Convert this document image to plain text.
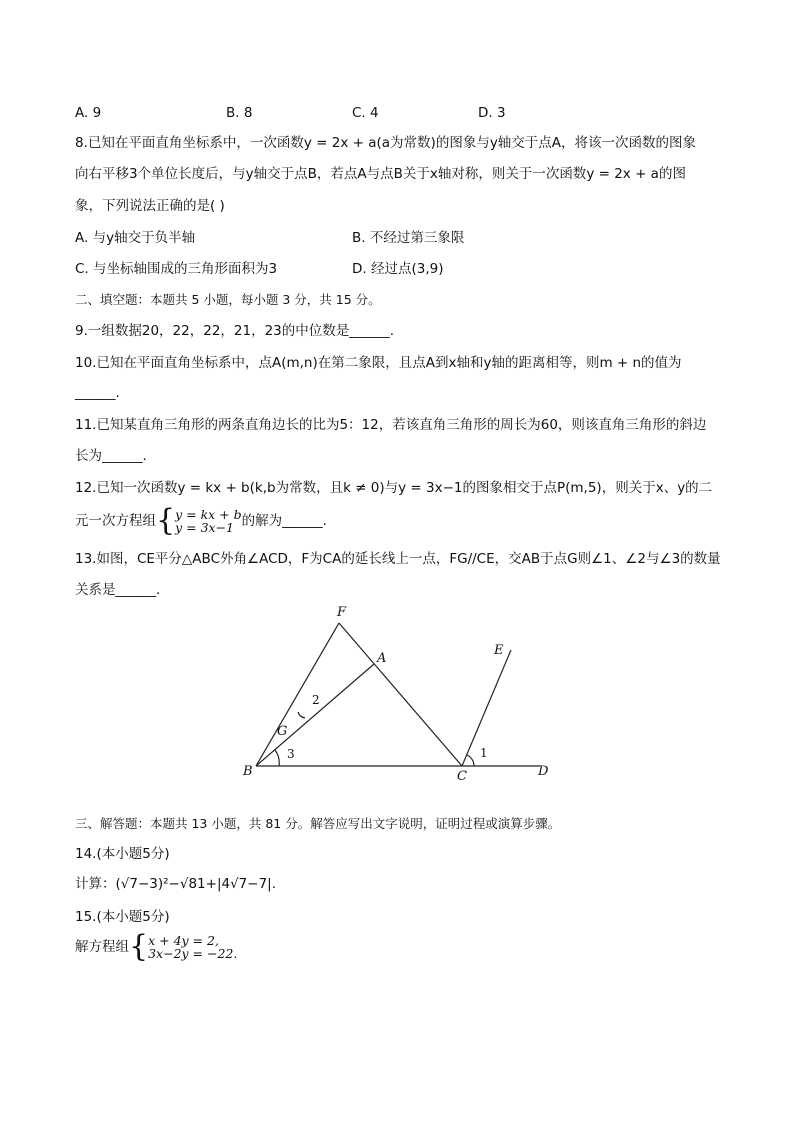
A. 9	B. 8	C. 4	D. 3
8.已知在平面直角坐标系中，一次函数y = 2x + a(a为常数)的图象与y轴交于点A，将该一次函数的图象
向右平移3个单位长度后，与y轴交于点B，若点A与点B关于x轴对称，则关于一次函数y = 2x + a的图
象，下列说法正确的是( )
A. 与y轴交于负半轴	B. 不经过第三象限
C. 与坐标轴围成的三角形面积为3	D. 经过点(3,9)
二、填空题：本题共 5 小题，每小题 3 分，共 15 分。
9.一组数据20，22，22，21，23的中位数是______.
10.已知在平面直角坐标系中，点A(m,n)在第二象限，且点A到x轴和y轴的距离相等，则m + n的值为
______.
11.已知某直角三角形的两条直角边长的比为5：12，若该直角三角形的周长为60，则该直角三角形的斜边
长为______.
12.已知一次函数y = kx + b(k,b为常数，且k ≠ 0)与y = 3x−1的图象相交于点P(m,5)，则关于x、y的二
元一次方程组{y = kx + b
y = 3x−1 的解为______.
13.如图，CE平分△ABC外角∠ACD，F为CA的延长线上一点，FG//CE，交AB于点G则∠1、∠2与∠3的数量
关系是______.
F
A
E
G
B	C	D
1
2
3
三、解答题：本题共 13 小题，共 81 分。解答应写出文字说明，证明过程或演算步骤。
14.(本小题5分)
计算：(√7−3)²−√81+|4√7−7|.
15.(本小题5分)
解方程组{x + 4y = 2,
3x−2y = −22.
